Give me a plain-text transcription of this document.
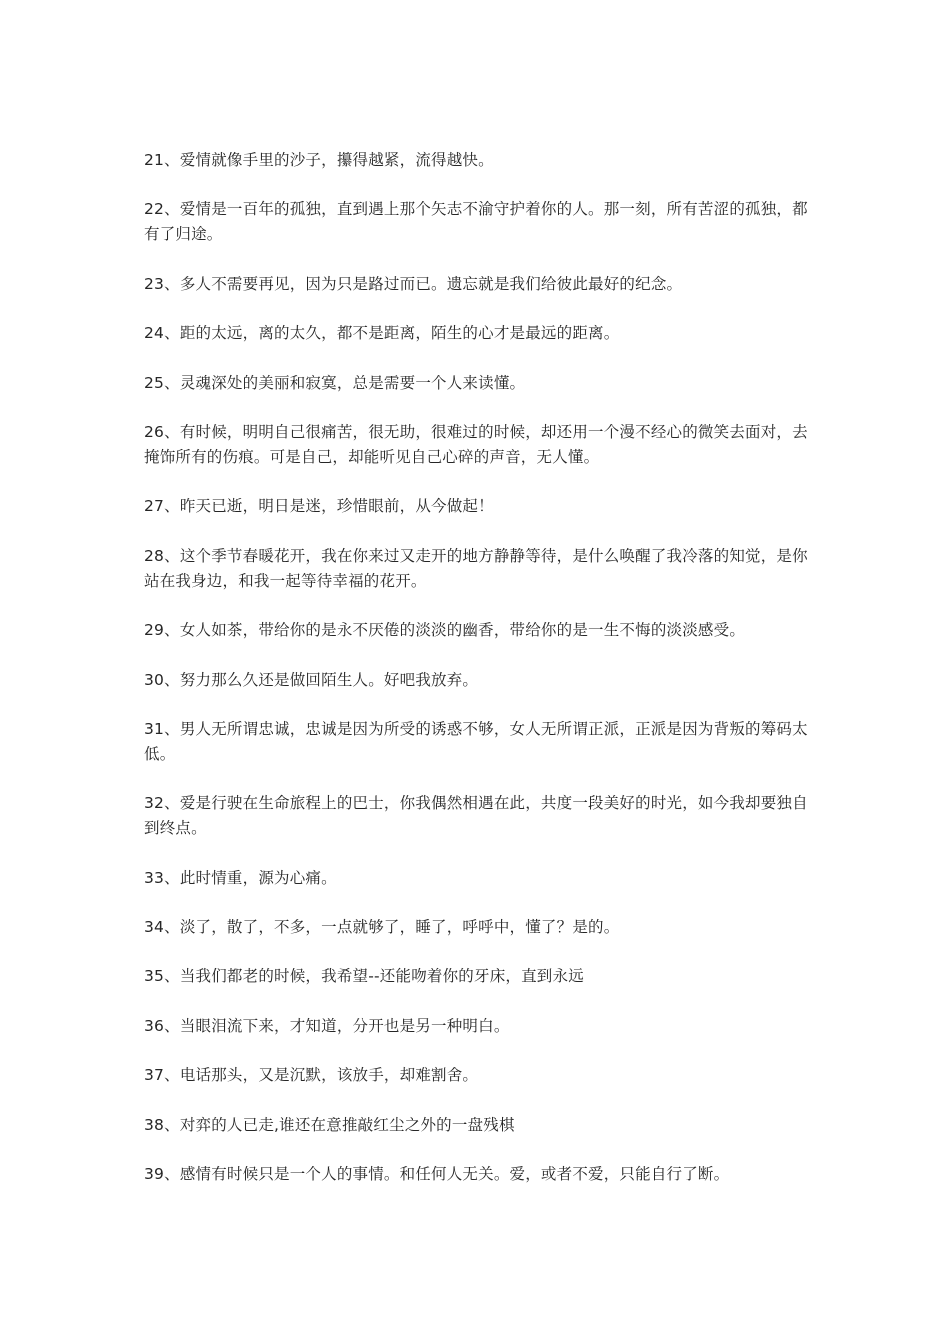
21、爱情就像手里的沙子，攥得越紧，流得越快。

22、爱情是一百年的孤独，直到遇上那个矢志不渝守护着你的人。那一刻，所有苦涩的孤独，都有了归途。

23、多人不需要再见，因为只是路过而已。遗忘就是我们给彼此最好的纪念。

24、距的太远，离的太久，都不是距离，陌生的心才是最远的距离。

25、灵魂深处的美丽和寂寞，总是需要一个人来读懂。

26、有时候，明明自己很痛苦，很无助，很难过的时候，却还用一个漫不经心的微笑去面对，去掩饰所有的伤痕。可是自己，却能听见自己心碎的声音，无人懂。

27、昨天已逝，明日是迷，珍惜眼前，从今做起！

28、这个季节春暖花开，我在你来过又走开的地方静静等待，是什么唤醒了我冷落的知觉，是你站在我身边，和我一起等待幸福的花开。

29、女人如茶，带给你的是永不厌倦的淡淡的幽香，带给你的是一生不悔的淡淡感受。

30、努力那么久还是做回陌生人。好吧我放弃。

31、男人无所谓忠诚，忠诚是因为所受的诱惑不够，女人无所谓正派，正派是因为背叛的筹码太低。

32、爱是行驶在生命旅程上的巴士，你我偶然相遇在此，共度一段美好的时光，如今我却要独自到终点。

33、此时情重，源为心痛。

34、淡了，散了，不多，一点就够了，睡了，呼呼中，懂了？是的。

35、当我们都老的时候，我希望--还能吻着你的牙床，直到永远

36、当眼泪流下来，才知道，分开也是另一种明白。

37、电话那头，又是沉默，该放手，却难割舍。

38、对弈的人已走,谁还在意推敲红尘之外的一盘残棋

39、感情有时候只是一个人的事情。和任何人无关。爱，或者不爱，只能自行了断。
